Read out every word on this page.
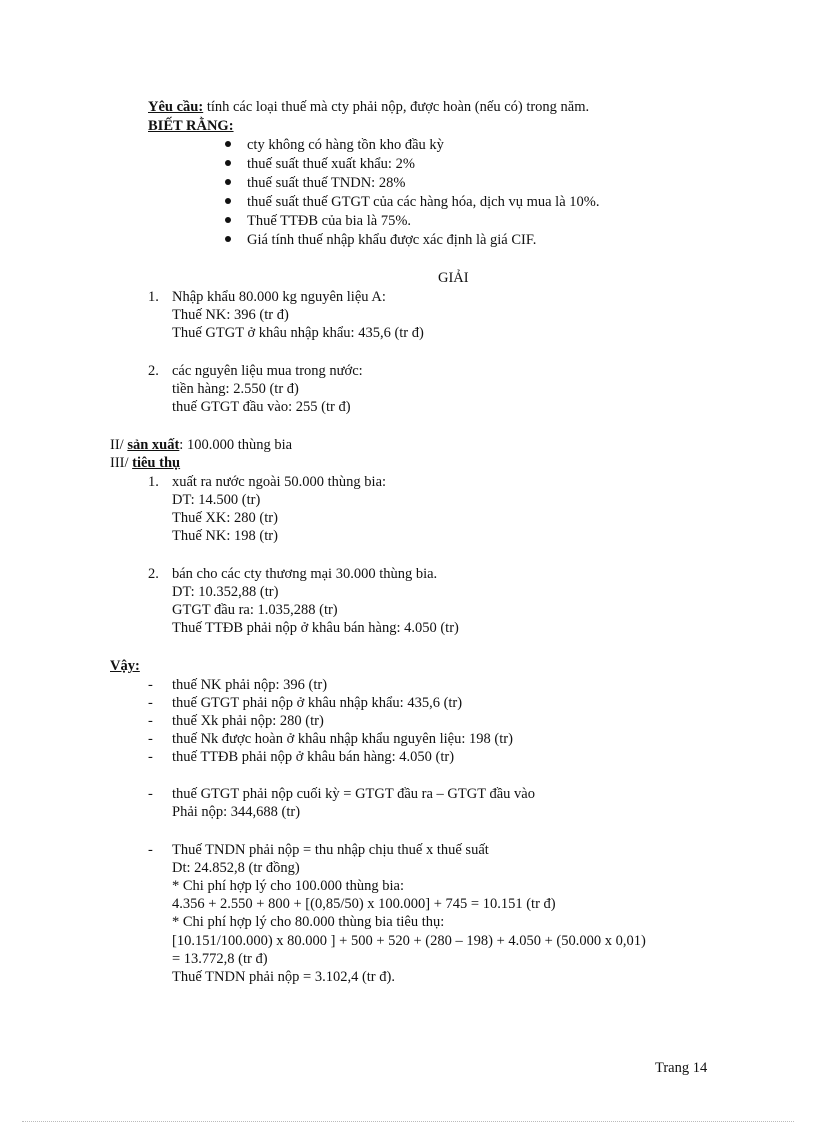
Yêu cầu: tính các loại thuế mà cty phải nộp, được hoàn (nếu có) trong năm.
BIẾT RẰNG:
cty không có hàng tồn kho đầu kỳ
thuế suất thuế xuất khẩu: 2%
thuế suất thuế TNDN: 28%
thuế suất thuế GTGT của các hàng hóa, dịch vụ mua là 10%.
Thuế TTĐB của bia là 75%.
Giá tính thuế nhập khẩu được xác định là giá CIF.
GIẢI
1. Nhập khẩu 80.000 kg nguyên liệu A:
Thuế NK: 396 (tr đ)
Thuế GTGT ở khâu nhập khẩu: 435,6 (tr đ)
2. các nguyên liệu mua trong nước:
tiền hàng: 2.550 (tr đ)
thuế GTGT đầu vào: 255 (tr đ)
II/ sản xuất: 100.000 thùng bia
III/ tiêu thụ
1. xuất ra nước ngoài 50.000 thùng bia:
DT: 14.500 (tr)
Thuế XK: 280 (tr)
Thuế NK: 198 (tr)
2. bán cho các cty thương mại 30.000 thùng bia.
DT: 10.352,88 (tr)
GTGT đầu ra: 1.035,288 (tr)
Thuế TTĐB phải nộp ở khâu bán hàng: 4.050 (tr)
Vậy:
- thuế NK phải nộp: 396 (tr)
- thuế GTGT phải nộp ở khâu nhập khẩu: 435,6 (tr)
- thuế Xk phải nộp: 280 (tr)
- thuế Nk được hoàn ở khâu nhập khẩu nguyên liệu: 198 (tr)
- thuế TTĐB phải nộp ở khâu bán hàng: 4.050 (tr)
- thuế GTGT phải nộp cuối kỳ = GTGT đầu ra – GTGT đầu vào
Phải nộp: 344,688 (tr)
- Thuế TNDN phải nộp = thu nhập chịu thuế x thuế suất
Dt: 24.852,8 (tr đồng)
* Chi phí hợp lý cho 100.000 thùng bia:
4.356 + 2.550 + 800 + [(0,85/50) x 100.000] + 745 = 10.151 (tr đ)
* Chi phí hợp lý cho 80.000 thùng bia tiêu thụ:
[10.151/100.000) x 80.000 ] + 500 + 520 + (280 – 198) + 4.050 + (50.000 x 0,01)
= 13.772,8 (tr đ)
Thuế TNDN phải nộp = 3.102,4 (tr đ).
Trang 14
